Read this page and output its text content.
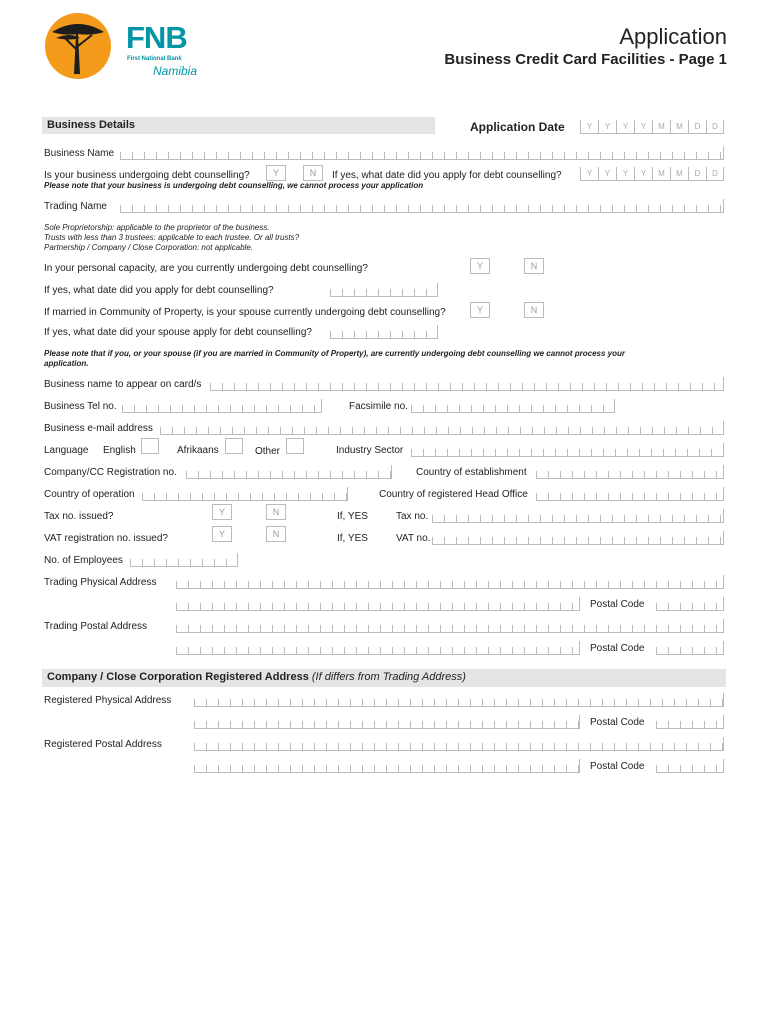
FNB
First National Bank
Namibia
Application
Business Credit Card Facilities - Page 1
Business Details	Application Date	Y	Y	Y	Y	M	M	D	D
Business Name
Is your business undergoing debt counselling?	Y	N	If yes, what date did you apply for debt counselling?	Y	Y	Y	Y	M	M	D	D
Please note that your business is undergoing debt counselling, we cannot process your application
Trading Name
Sole Proprietorship: applicable to the proprietor of the business.
Trusts with less than 3 trustees: applicable to each trustee. Or all trusts?
Partnership / Company / Close Corporation: not applicable.
In your personal capacity, are you currently undergoing debt counselling?	Y	N
If yes, what date did you apply for debt counselling?
If married in Community of Property, is your spouse currently undergoing debt counselling?	Y	N
If yes, what date did your spouse apply for debt counselling?
Please note that if you, or your spouse (if you are married in Community of Property), are currently undergoing debt counselling we cannot process your
application.
Business name to appear on card/s
Business Tel no.	Facsimile no.
Business e-mail address
Language English	Afrikaans	Other	Industry Sector
Company/CC Registration no.	Country of establishment
Country of operation	Country of registered Head Office
Tax no. issued?	Y	N	If, YES	Tax no.
VAT registration no. issued?	Y	N	If, YES	VAT no.
No. of Employees
Trading Physical Address
Postal Code
Trading Postal Address
Postal Code
Company / Close Corporation Registered Address (If differs from Trading Address)
Registered Physical Address
Postal Code
Registered Postal Address
Postal Code
